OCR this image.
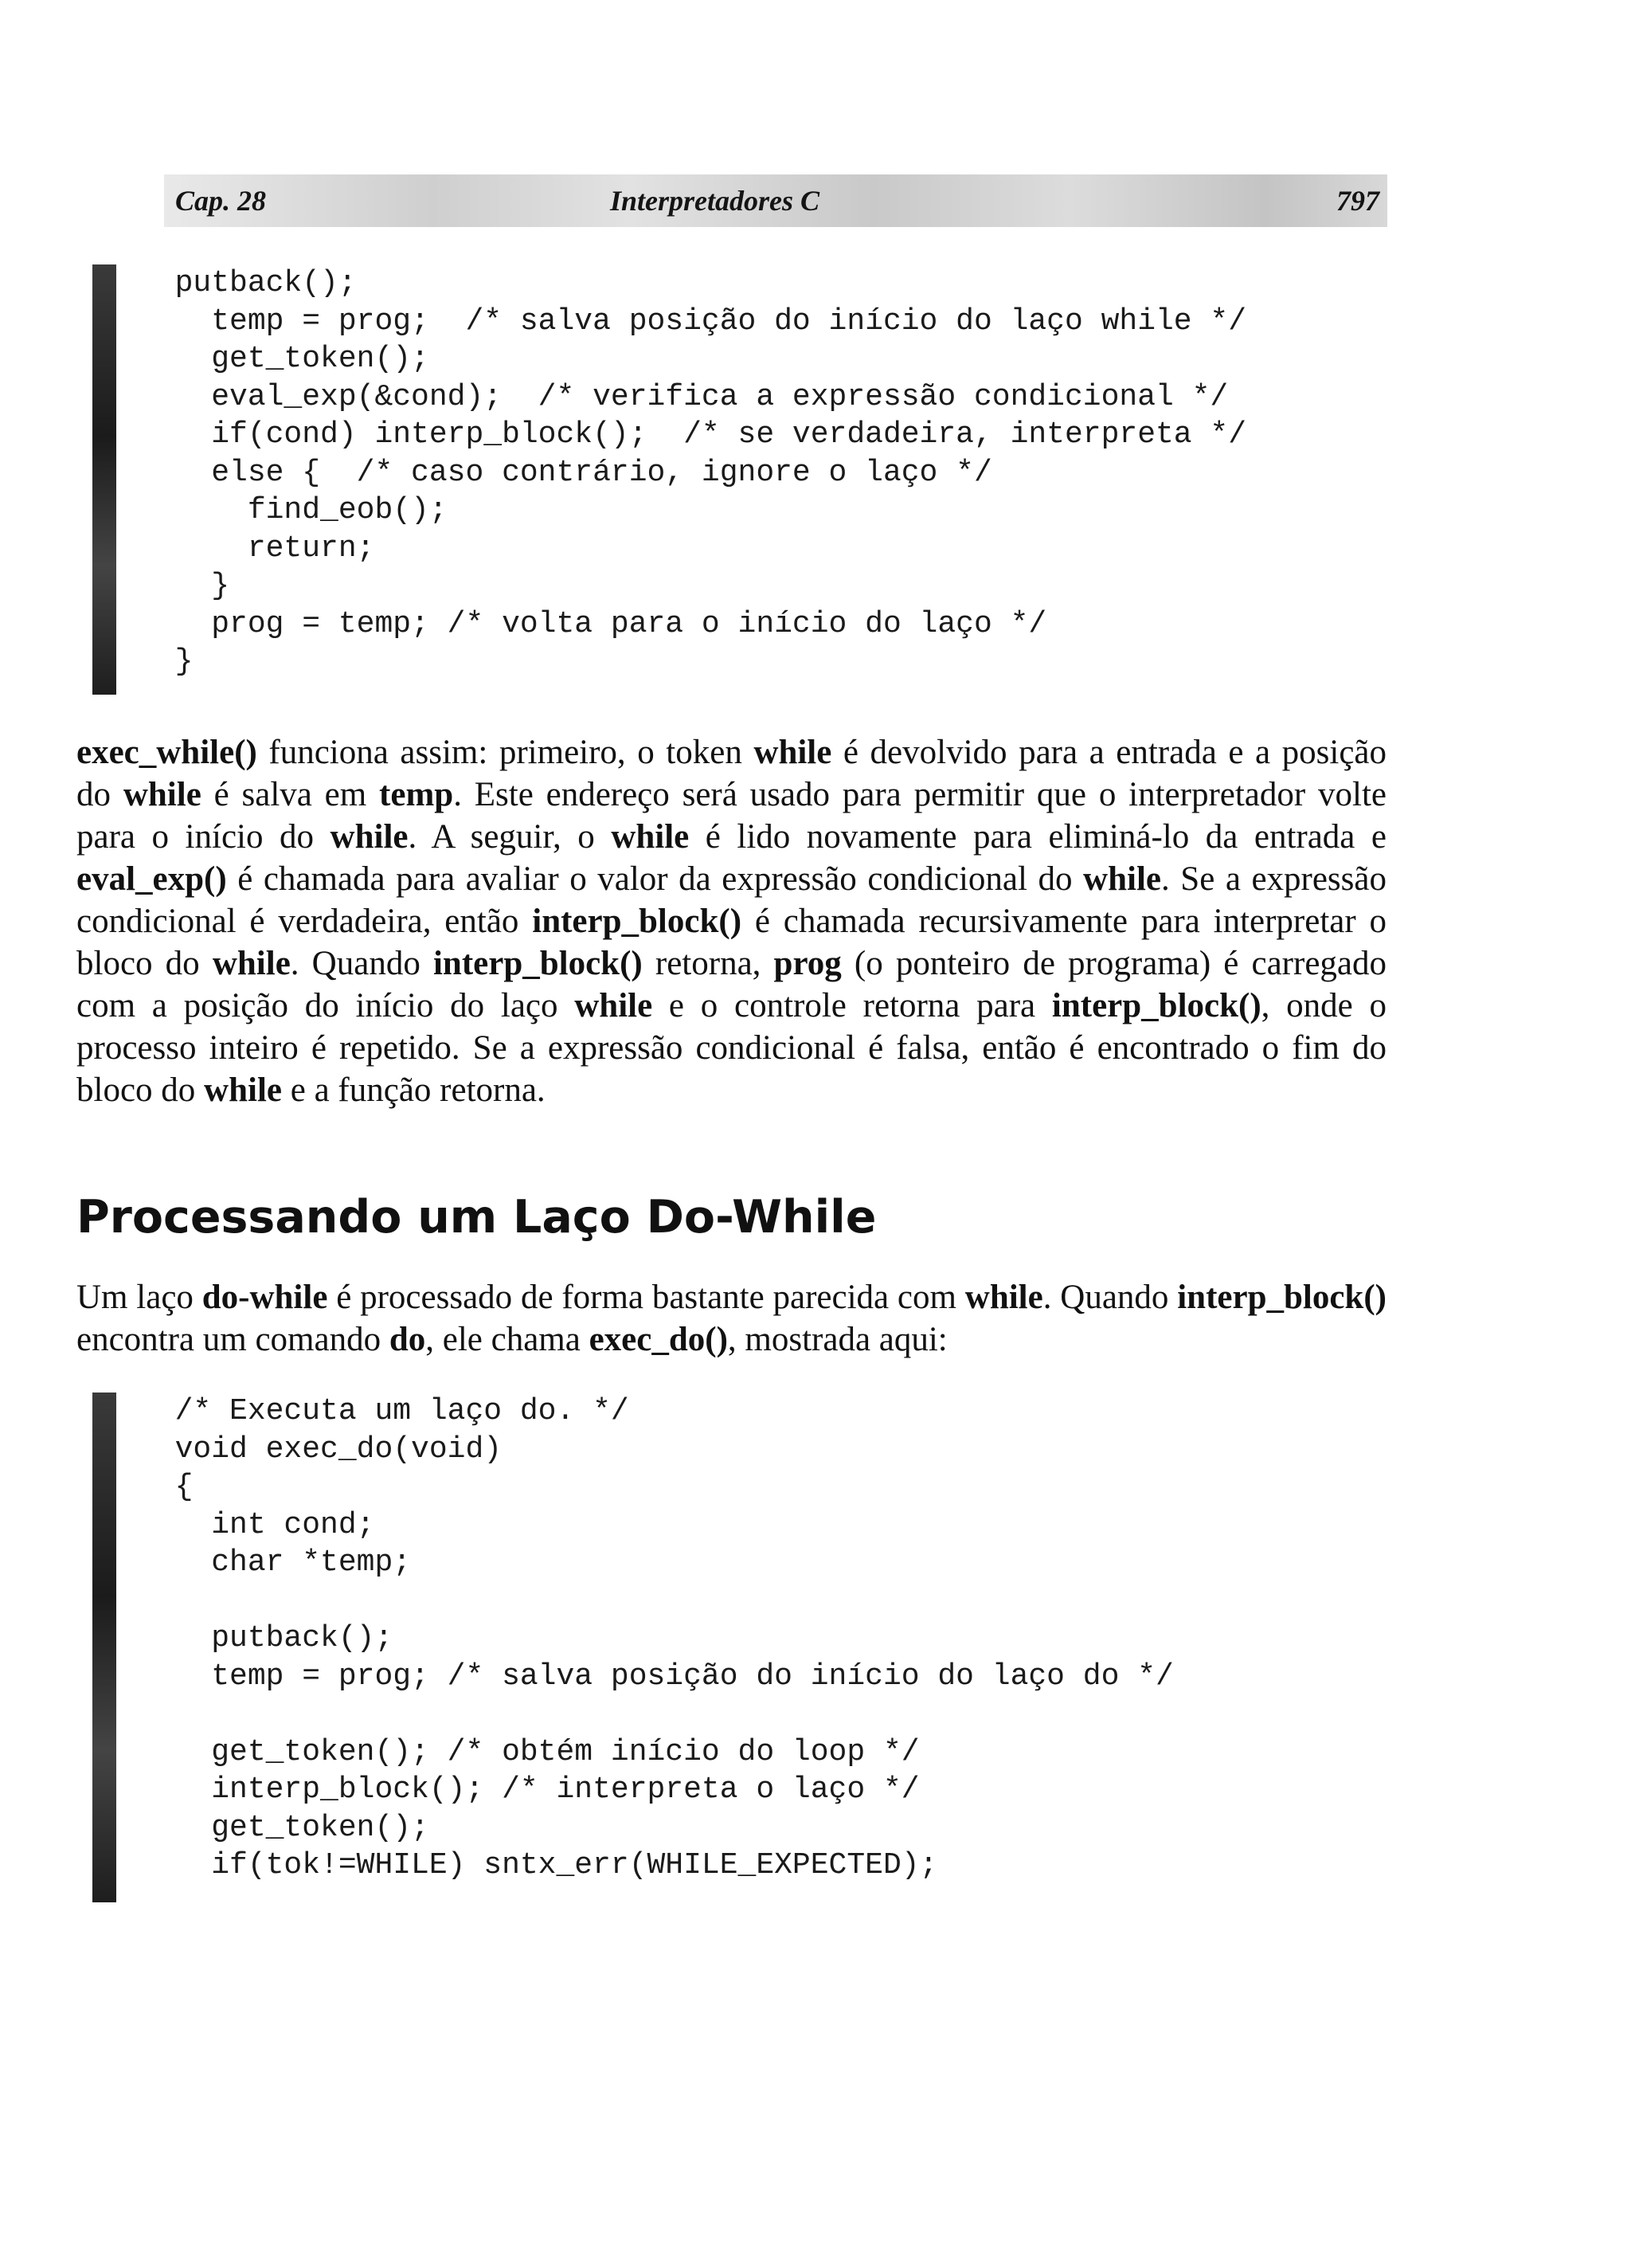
Cap. 28	Interpretadores C	797
putback();
temp = prog;  /* salva posição do início do laço while */
get_token();
eval_exp(&cond);  /* verifica a expressão condicional */
if(cond) interp_block();  /* se verdadeira, interpreta */
else {  /* caso contrário, ignore o laço */
find_eob();
return;
}
prog = temp; /* volta para o início do laço */
}

exec_while() funciona assim: primeiro, o token while é devolvido para a entrada e a posição do while é salva em temp. Este endereço será usado para permitir que o interpretador volte para o início do while. A seguir, o while é lido novamente para eliminá-lo da entrada e eval_exp() é chamada para avaliar o valor da expressão condicional do while. Se a expressão condicional é verdadeira, então interp_block() é chamada recursivamente para interpretar o bloco do while. Quando interp_block() retorna, prog (o ponteiro de programa) é carregado com a posição do início do laço while e o controle retorna para interp_block(), onde o processo inteiro é repetido. Se a expressão condicional é falsa, então é encontrado o fim do bloco do while e a função retorna.

Processando um Laço Do-While

Um laço do-while é processado de forma bastante parecida com while. Quando interp_block() encontra um comando do, ele chama exec_do(), mostrada aqui:

/* Executa um laço do. */
void exec_do(void)
{
int cond;
char *temp;
putback();
temp = prog; /* salva posição do início do laço do */
get_token(); /* obtém início do loop */
interp_block(); /* interpreta o laço */
get_token();
if(tok!=WHILE) sntx_err(WHILE_EXPECTED);
